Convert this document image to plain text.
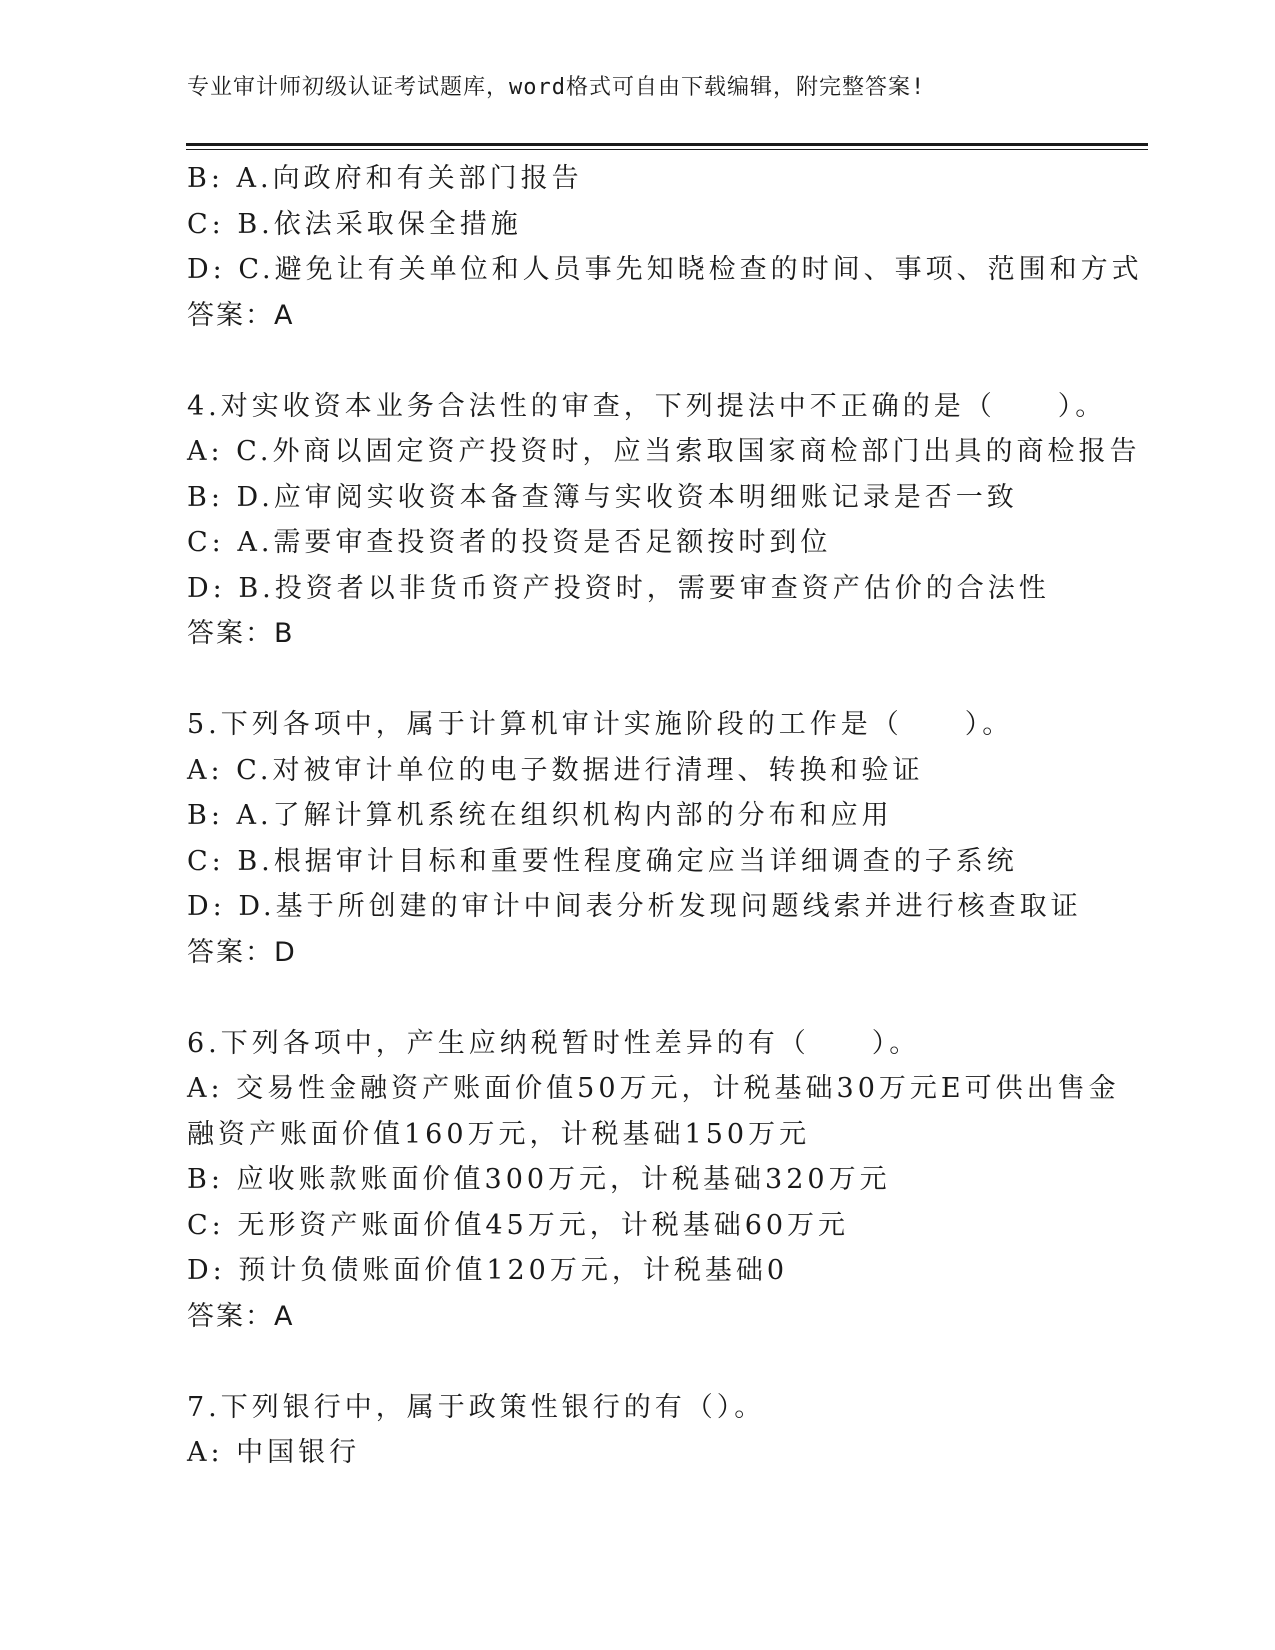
专业审计师初级认证考试题库，word格式可自由下载编辑，附完整答案!
B: A.向政府和有关部门报告
C: B.依法采取保全措施
D: C.避免让有关单位和人员事先知晓检查的时间、事项、范围和方式
答案：A
4.对实收资本业务合法性的审查，下列提法中不正确的是（　　）。
A: C.外商以固定资产投资时，应当索取国家商检部门出具的商检报告
B: D.应审阅实收资本备查簿与实收资本明细账记录是否一致
C: A.需要审查投资者的投资是否足额按时到位
D: B.投资者以非货币资产投资时，需要审查资产估价的合法性
答案：B
5.下列各项中，属于计算机审计实施阶段的工作是（　　）。
A: C.对被审计单位的电子数据进行清理、转换和验证
B: A.了解计算机系统在组织机构内部的分布和应用
C: B.根据审计目标和重要性程度确定应当详细调查的子系统
D: D.基于所创建的审计中间表分析发现问题线索并进行核查取证
答案：D
6.下列各项中，产生应纳税暂时性差异的有（　　）。
A: 交易性金融资产账面价值50万元，计税基础30万元E可供出售金
融资产账面价值160万元，计税基础150万元
B: 应收账款账面价值300万元，计税基础320万元
C: 无形资产账面价值45万元，计税基础60万元
D: 预计负债账面价值120万元，计税基础0
答案：A
7.下列银行中，属于政策性银行的有（）。
A: 中国银行
